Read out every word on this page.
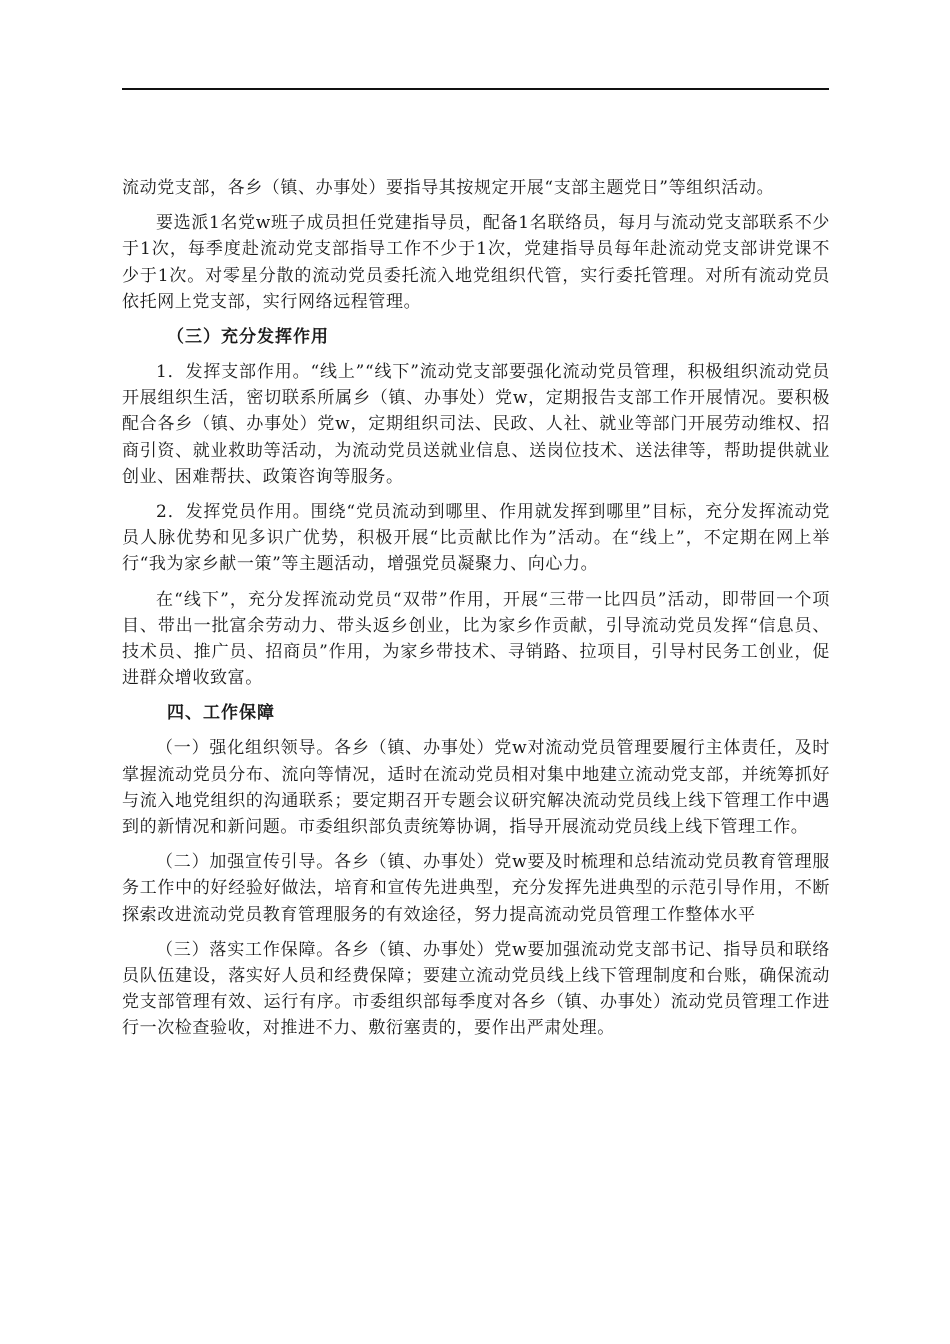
流动党支部，各乡（镇、办事处）要指导其按规定开展“支部主题党日”等组织活动。

要选派1名党w班子成员担任党建指导员，配备1名联络员，每月与流动党支部联系不少于1次，每季度赴流动党支部指导工作不少于1次，党建指导员每年赴流动党支部讲党课不少于1次。对零星分散的流动党员委托流入地党组织代管，实行委托管理。对所有流动党员依托网上党支部，实行网络远程管理。

（三）充分发挥作用

1．发挥支部作用。“线上”“线下”流动党支部要强化流动党员管理，积极组织流动党员开展组织生活，密切联系所属乡（镇、办事处）党w，定期报告支部工作开展情况。要积极配合各乡（镇、办事处）党w，定期组织司法、民政、人社、就业等部门开展劳动维权、招商引资、就业救助等活动，为流动党员送就业信息、送岗位技术、送法律等，帮助提供就业创业、困难帮扶、政策咨询等服务。

2．发挥党员作用。围绕“党员流动到哪里、作用就发挥到哪里”目标，充分发挥流动党员人脉优势和见多识广优势，积极开展“比贡献比作为”活动。在“线上”，不定期在网上举行“我为家乡献一策”等主题活动，增强党员凝聚力、向心力。

在“线下”，充分发挥流动党员“双带”作用，开展“三带一比四员”活动，即带回一个项目、带出一批富余劳动力、带头返乡创业，比为家乡作贡献，引导流动党员发挥“信息员、技术员、推广员、招商员”作用，为家乡带技术、寻销路、拉项目，引导村民务工创业，促进群众增收致富。

四、工作保障

（一）强化组织领导。各乡（镇、办事处）党w对流动党员管理要履行主体责任，及时掌握流动党员分布、流向等情况，适时在流动党员相对集中地建立流动党支部，并统筹抓好与流入地党组织的沟通联系；要定期召开专题会议研究解决流动党员线上线下管理工作中遇到的新情况和新问题。市委组织部负责统筹协调，指导开展流动党员线上线下管理工作。

（二）加强宣传引导。各乡（镇、办事处）党w要及时梳理和总结流动党员教育管理服务工作中的好经验好做法，培育和宣传先进典型，充分发挥先进典型的示范引导作用，不断探索改进流动党员教育管理服务的有效途径，努力提高流动党员管理工作整体水平

（三）落实工作保障。各乡（镇、办事处）党w要加强流动党支部书记、指导员和联络员队伍建设，落实好人员和经费保障；要建立流动党员线上线下管理制度和台账，确保流动党支部管理有效、运行有序。市委组织部每季度对各乡（镇、办事处）流动党员管理工作进行一次检查验收，对推进不力、敷衍塞责的，要作出严肃处理。
